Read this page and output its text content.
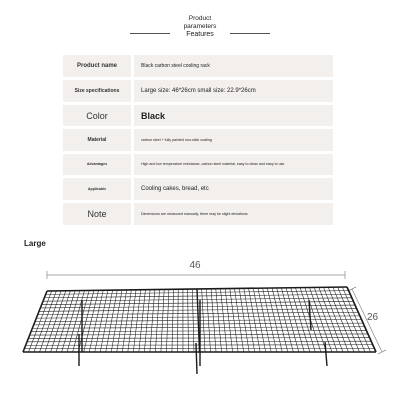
Product
parameters
Features
Product name	Black carbon steel cooling rack
Size specifications	Large size: 46*26cm small size: 22.9*26cm
Color	Black
Material	carbon steel + fully painted non-stick coating
Advantages	High and low temperature resistance, carbon steel material, easy to clean and easy to use
Applicable	Cooling cakes, bread, etc
Note	Dimensions are measured manually, there may be slight deviations
Large
46
26
